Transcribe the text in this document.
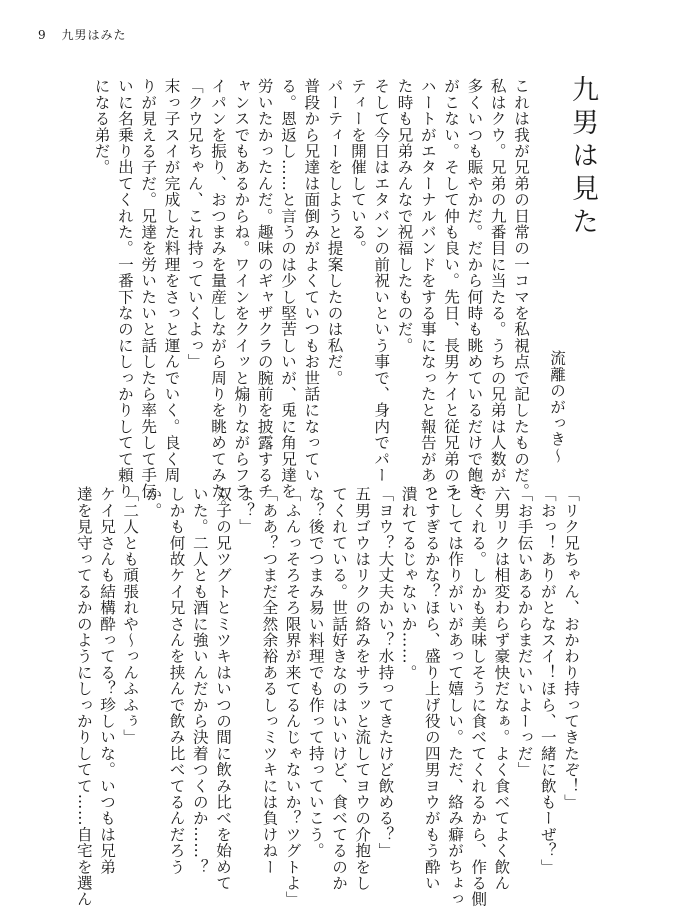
9 九男はみた
九男は見た
流離のがっき～
これは我が兄弟の日常の一コマを私視点で記したものだ。
私はクウ。兄弟の九番目に当たる。うちの兄弟は人数が
多くいつも賑やかだ。だから何時も眺めているだけで飽き
がこない。そして仲も良い。先日、長男ケイと従兄弟のラ
ハートがエターナルバンドをする事になったと報告があっ
た時も兄弟みんなで祝福したものだ。
そして今日はエタバンの前祝いという事で、身内でパー
ティーを開催している。
パーティーをしようと提案したのは私だ。
普段から兄達は面倒みがよくていつもお世話になってい
る。恩返し……と言うのは少し堅苦しいが、兎に角兄達を
労いたかったんだ。趣味のギャザクラの腕前を披露するチ
ャンスでもあるからね。ワインをクイッと煽りながらフラ
イパンを振り、おつまみを量産しながら周りを眺めてみた。
「クウ兄ちゃん、これ持っていくよっ」
末っ子スイが完成した料理をさっと運んでいく。良く周
りが見える子だ。兄達を労いたいと話したら率先して手伝
いに名乗り出てくれた。一番下なのにしっかりしてて頼り
になる弟だ。
「リク兄ちゃん、おかわり持ってきたぞ！」
「おっ！ありがとなスイ！ほら、一緒に飲もーぜ？」
「お手伝いあるからまだいいよーっだ」
六男リクは相変わらず豪快だなぁ。よく食べてよく飲ん
でくれる。しかも美味しそうに食べてくれるから、作る側
としては作りがいがあって嬉しい。ただ、絡み癖がちょっ
とすぎるかな？ほら、盛り上げ役の四男ヨウがもう酔い
潰れてるじゃないか……。
「ヨウ？大丈夫かい？水持ってきたけど飲める？」
五男ゴウはリクの絡みをサラッと流してヨウの介抱をし
てくれている。世話好きなのはいいけど、食べてるのか
な？後でつまみ易い料理でも作って持っていこう。
「ふんっそろそろ限界が来てるんじゃないか？ツグトよ」
「ああ？つまだ全然余裕あるしっミツキには負けねー
よ？」
双子の兄ツグトとミツキはいつの間に飲み比べを始めて
いた。二人とも酒に強いんだから決着つくのか……？
しかも何故ケイ兄さんを挟んで飲み比べてるんだろう
か。
「二人とも頑張れや～っんふふぅ」
ケイ兄さんも結構酔ってる？珍しいな。いつもは兄弟
達を見守ってるかのようにしっかりしてて……自宅を選ん
